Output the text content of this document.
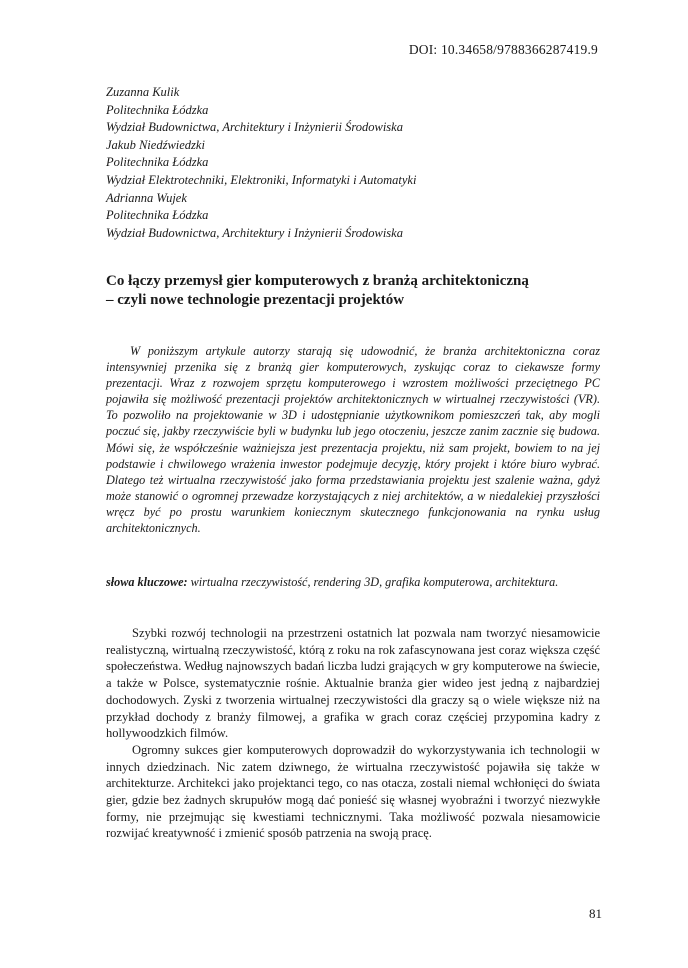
DOI: 10.34658/9788366287419.9
Zuzanna Kulik
Politechnika Łódzka
Wydział Budownictwa, Architektury i Inżynierii Środowiska
Jakub Niedźwiedzki
Politechnika Łódzka
Wydział Elektrotechniki, Elektroniki, Informatyki i Automatyki
Adrianna Wujek
Politechnika Łódzka
Wydział Budownictwa, Architektury i Inżynierii Środowiska
Co łączy przemysł gier komputerowych z branżą architektoniczną
– czyli nowe technologie prezentacji projektów

W poniższym artykule autorzy starają się udowodnić, że branża architektoniczna coraz intensywniej przenika się z branżą gier komputerowych, zyskując coraz to ciekawsze formy prezentacji. Wraz z rozwojem sprzętu komputerowego i wzrostem możliwości przeciętnego PC pojawiła się możliwość prezentacji projektów architektonicznych w wirtualnej rzeczywistości (VR). To pozwoliło na projektowanie w 3D i udostępnianie użytkownikom pomieszczeń tak, aby mogli poczuć się, jakby rzeczywiście byli w budynku lub jego otoczeniu, jeszcze zanim zacznie się budowa. Mówi się, że współcześnie ważniejsza jest prezentacja projektu, niż sam projekt, bowiem to na jej podstawie i chwilowego wrażenia inwestor podejmuje decyzję, który projekt i które biuro wybrać. Dlatego też wirtualna rzeczywistość jako forma przedstawiania projektu jest szalenie ważna, gdyż może stanowić o ogromnej przewadze korzystających z niej architektów, a w niedalekiej przyszłości wręcz być po prostu warunkiem koniecznym skutecznego funkcjonowania na rynku usług architektonicznych.

słowa kluczowe: wirtualna rzeczywistość, rendering 3D, grafika komputerowa, architektura.

Szybki rozwój technologii na przestrzeni ostatnich lat pozwala nam tworzyć niesamowicie realistyczną, wirtualną rzeczywistość, którą z roku na rok zafascynowana jest coraz większa część społeczeństwa. Według najnowszych badań liczba ludzi grających w gry komputerowe na świecie, a także w Polsce, systematycznie rośnie. Aktualnie branża gier wideo jest jedną z najbardziej dochodowych. Zyski z tworzenia wirtualnej rzeczywistości dla graczy są o wiele większe niż na przykład dochody z branży filmowej, a grafika w grach coraz częściej przypomina kadry z hollywoodzkich filmów.

Ogromny sukces gier komputerowych doprowadził do wykorzystywania ich technologii w innych dziedzinach. Nic zatem dziwnego, że wirtualna rzeczywistość pojawiła się także w architekturze. Architekci jako projektanci tego, co nas otacza, zostali niemal wchłonięci do świata gier, gdzie bez żadnych skrupułów mogą dać ponieść się własnej wyobraźni i tworzyć niezwykłe formy, nie przejmując się kwestiami technicznymi. Taka możliwość pozwala niesamowicie rozwijać kreatywność i zmienić sposób patrzenia na swoją pracę.

81
